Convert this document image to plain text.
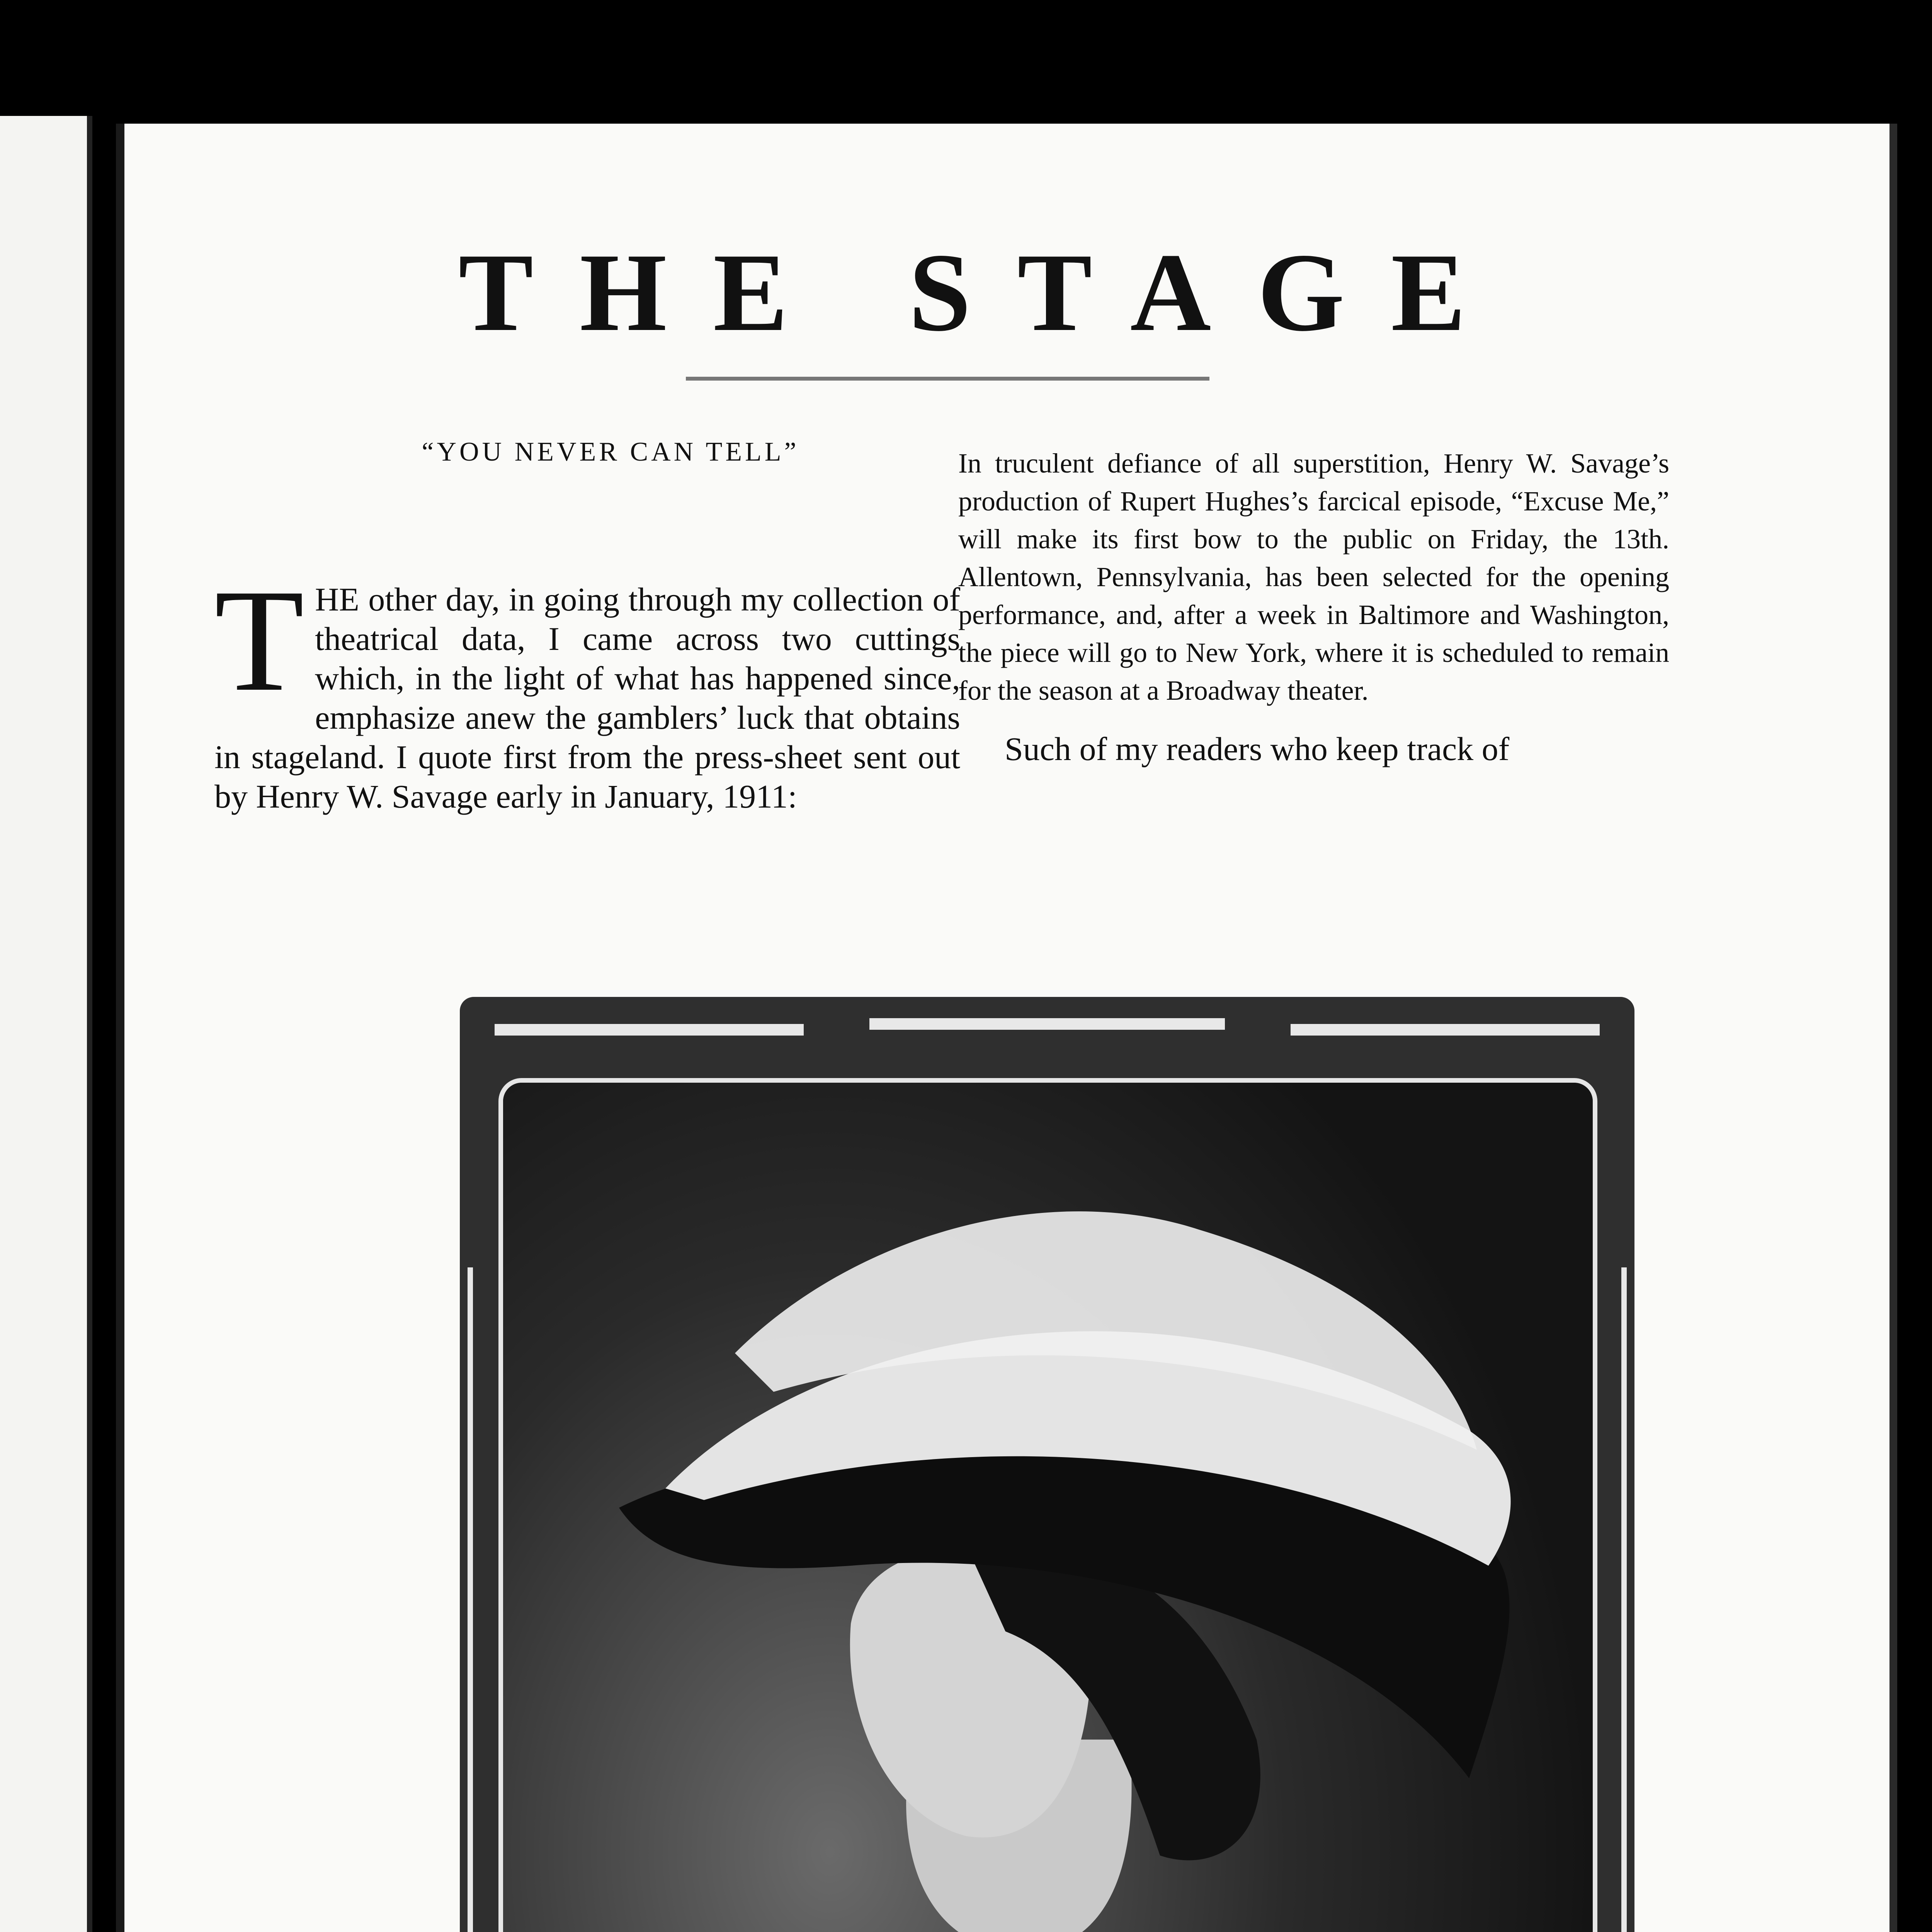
THE STAGE
“YOU NEVER CAN TELL”

THE other day, in going through my collection of theatrical data, I came across two cuttings which, in the light of what has happened since, emphasize anew the gamblers’ luck that obtains in stageland. I quote first from the press-sheet sent out by Henry W. Savage early in January, 1911:

In truculent defiance of all superstition, Henry W. Savage’s production of Rupert Hughes’s farcical episode, “Excuse Me,” will make its first bow to the public on Friday, the 13th. Allentown, Pennsylvania, has been selected for the opening performance, and, after a week in Baltimore and Washington, the piece will go to New York, where it is scheduled to remain for the season at a Broadway theater.

Such of my readers who keep track of
